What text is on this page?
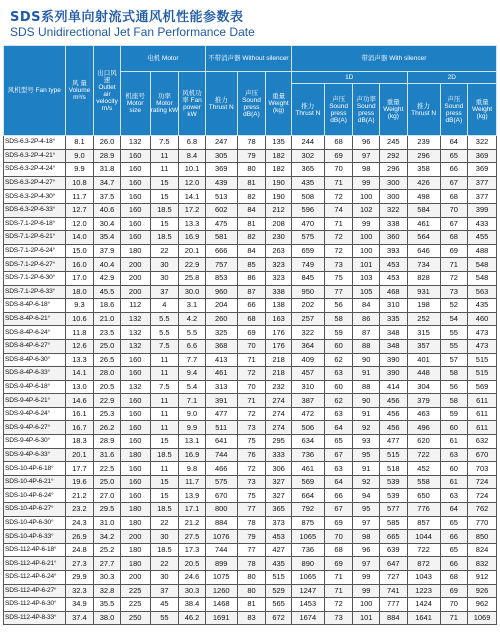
SDS系列单向射流式通风机性能参数表
SDS Unidirectional Jet Fan Performance Date
风机型号 Fan type	风 量 Volume m³/s	出口风速 Outlet air velocity m/s	电机 Motor			不带消声器 Without silencer			带消声器 With silencer						
			机座号 Motor size	功率 Motor rating kW	风机功率 Fan power kW	推力 Thrust N	声压 Sound press dB(A)	重量 Weight (kg)	1D				2D		
									推力 Thrust N	声压 Sound press dB(A)	声功率 Sound press dB(A)	重量 Weight (kg)	推力 Thrust N	声压 Sound press dB(A)	重量 Weight (kg)
SDS-6.3-2P-4-18°	8.1	26.0	132	7.5	6.8	247	78	135	244	68	96	245	239	64	322
SDS-6.3-2P-4-21°	9.0	28.9	160	11	8.4	305	79	182	302	69	97	292	296	65	369
SDS-6.3-2P-4-24°	9.9	31.8	160	11	10.1	369	80	182	365	70	98	296	358	66	369
SDS-6.3-2P-4-27°	10.8	34.7	160	15	12.0	439	81	190	435	71	99	300	426	67	377
SDS-6.3-2P-4-30°	11.7	37.5	160	15	14.1	513	82	190	508	72	100	300	498	68	377
SDS-6.3-2P-6-33°	12.7	40.6	160	18.5	17.2	602	84	212	596	74	102	322	584	70	399
SDS-7.1-2P-6-18°	12.0	30.4	160	15	13.3	475	81	208	470	71	99	338	461	67	433
SDS-7.1-2P-6-21°	14.0	35.4	160	18.5	16.9	581	82	230	575	72	100	360	564	68	455
SDS-7.1-2P-6-24°	15.0	37.9	180	22	20.1	666	84	263	659	72	100	393	646	69	488
SDS-7.1-2P-6-27°	16.0	40.4	200	30	22.9	757	85	323	749	73	101	453	734	71	548
SDS-7.1-2P-6-30°	17.0	42.9	200	30	25.8	853	86	323	845	75	103	453	828	72	548
SDS-7.1-2P-6-33°	18.0	45.5	200	37	30.0	960	87	338	950	77	105	468	931	73	563
SDS-8-4P-6-18°	9.3	18.6	112	4	3.1	204	66	138	202	56	84	310	198	52	435
SDS-8-4P-6-21°	10.6	21.0	132	5.5	4.2	260	68	163	257	58	86	335	252	54	460
SDS-8-4P-6-24°	11.8	23.5	132	5.5	5.5	325	69	176	322	59	87	348	315	55	473
SDS-8-4P-6-27°	12.6	25.0	132	7.5	6.6	368	70	176	364	60	88	348	357	55	473
SDS-8-4P-6-30°	13.3	26.5	160	11	7.7	413	71	218	409	62	90	390	401	57	515
SDS-8-4P-6-33°	14.1	28.0	160	11	9.4	461	72	218	457	63	91	390	448	58	515
SDS-9-4P-6-18°	13.0	20.5	132	7.5	5.4	313	70	232	310	60	88	414	304	56	569
SDS-9-4P-6-21°	14.6	22.9	160	11	7.1	391	71	274	387	62	90	456	379	58	611
SDS-9-4P-6-24°	16.1	25.3	160	11	9.0	477	72	274	472	63	91	456	463	59	611
SDS-9-4P-6-27°	16.7	26.2	160	11	9.9	511	73	274	506	64	92	456	496	60	611
SDS-9-4P-6-30°	18.3	28.9	160	15	13.1	641	75	295	634	65	93	477	620	61	632
SDS-9-4P-6-33°	20.1	31.6	180	18.5	16.9	744	76	333	736	67	95	515	722	63	670
SDS-10-4P-6-18°	17.7	22.5	160	11	9.8	466	72	306	461	63	91	518	452	60	703
SDS-10-4P-6-21°	19.6	25.0	160	15	11.7	575	73	327	569	64	92	539	558	61	724
SDS-10-4P-6-24°	21.2	27.0	160	15	13.9	670	75	327	664	66	94	539	650	63	724
SDS-10-4P-6-27°	23.2	29.5	180	18.5	17.1	800	77	365	792	67	95	577	776	64	762
SDS-10-4P-6-30°	24.3	31.0	180	22	21.2	884	78	373	875	69	97	585	857	65	770
SDS-10-4P-6-33°	26.9	34.2	200	30	27.5	1076	79	453	1065	70	98	665	1044	66	850
SDS-112-4P-6-18°	24.8	25.2	180	18.5	17.3	744	77	427	736	68	96	639	722	65	824
SDS-112-4P-6-21°	27.3	27.7	180	22	20.5	899	78	435	890	69	97	647	872	66	832
SDS-112-4P-6-24°	29.9	30.3	200	30	24.6	1075	80	515	1065	71	99	727	1043	68	912
SDS-112-4P-6-27°	32.3	32.8	225	37	30.3	1260	80	529	1247	71	99	741	1223	69	926
SDS-112-4P-6-30°	34.9	35.5	225	45	38.4	1468	81	565	1453	72	100	777	1424	70	962
SDS-112-4P-8-33°	37.4	38.0	250	55	46.2	1691	83	672	1674	73	101	884	1641	71	1069
